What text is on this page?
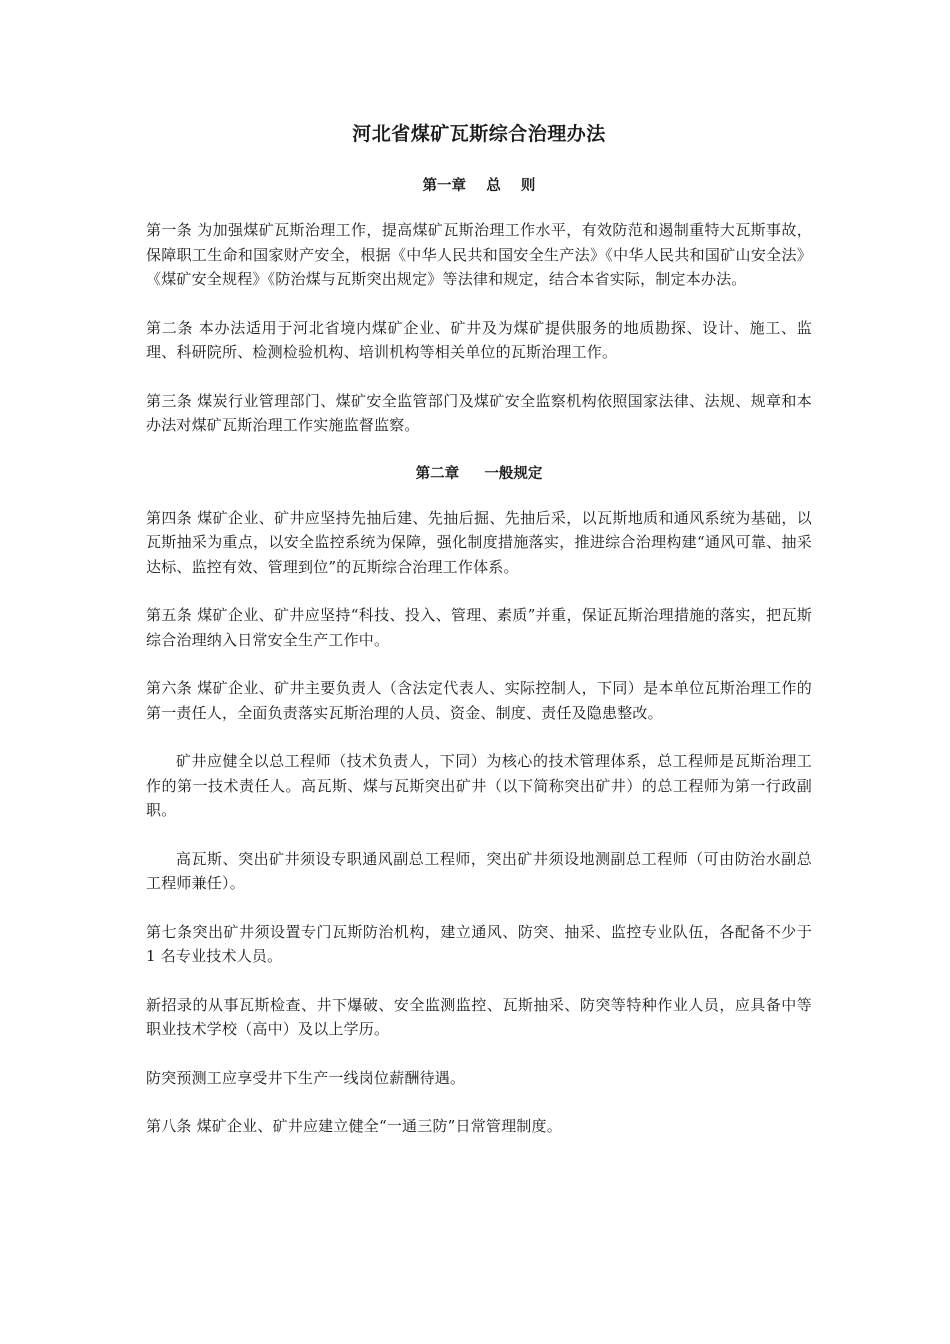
河北省煤矿瓦斯综合治理办法
第一章    总    则

第一条 为加强煤矿瓦斯治理工作，提高煤矿瓦斯治理工作水平，有效防范和遏制重特大瓦斯事故，保障职工生命和国家财产安全，根据《中华人民共和国安全生产法》《中华人民共和国矿山安全法》《煤矿安全规程》《防治煤与瓦斯突出规定》等法律和规定，结合本省实际，制定本办法。

第二条 本办法适用于河北省境内煤矿企业、矿井及为煤矿提供服务的地质勘探、设计、施工、监理、科研院所、检测检验机构、培训机构等相关单位的瓦斯治理工作。

第三条 煤炭行业管理部门、煤矿安全监管部门及煤矿安全监察机构依照国家法律、法规、规章和本办法对煤矿瓦斯治理工作实施监督监察。

第二章     一般规定

第四条 煤矿企业、矿井应坚持先抽后建、先抽后掘、先抽后采，以瓦斯地质和通风系统为基础，以瓦斯抽采为重点，以安全监控系统为保障，强化制度措施落实，推进综合治理构建“通风可靠、抽采达标、监控有效、管理到位”的瓦斯综合治理工作体系。

第五条 煤矿企业、矿井应坚持“科技、投入、管理、素质”并重，保证瓦斯治理措施的落实，把瓦斯综合治理纳入日常安全生产工作中。

第六条 煤矿企业、矿井主要负责人（含法定代表人、实际控制人，下同）是本单位瓦斯治理工作的第一责任人，全面负责落实瓦斯治理的人员、资金、制度、责任及隐患整改。

矿井应健全以总工程师（技术负责人，下同）为核心的技术管理体系，总工程师是瓦斯治理工作的第一技术责任人。高瓦斯、煤与瓦斯突出矿井（以下简称突出矿井）的总工程师为第一行政副职。

高瓦斯、突出矿井须设专职通风副总工程师，突出矿井须设地测副总工程师（可由防治水副总工程师兼任）。

第七条突出矿井须设置专门瓦斯防治机构，建立通风、防突、抽采、监控专业队伍，各配备不少于 1 名专业技术人员。

新招录的从事瓦斯检查、井下爆破、安全监测监控、瓦斯抽采、防突等特种作业人员，应具备中等职业技术学校（高中）及以上学历。

防突预测工应享受井下生产一线岗位薪酬待遇。

第八条 煤矿企业、矿井应建立健全“一通三防”日常管理制度。
